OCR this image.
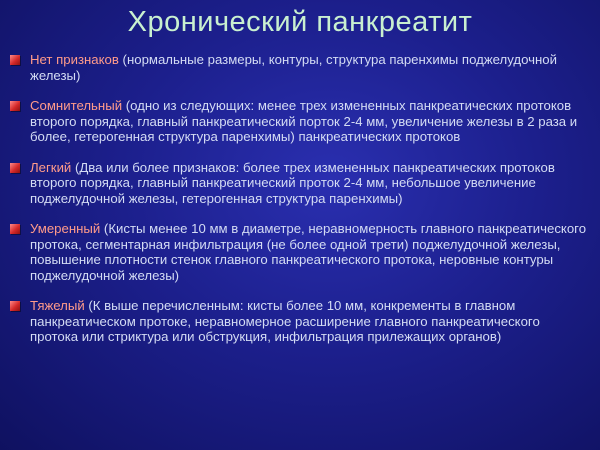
Хронический панкреатит
Нет признаков (нормальные размеры, контуры, структура паренхимы поджелудочной железы)
Сомнительный (одно из следующих: менее трех измененных панкреатических протоков второго порядка, главный панкреатический порток 2-4 мм, увеличение железы в 2 раза и более, гетерогенная структура паренхимы) панкреатических протоков
Легкий (Два или более признаков: более трех измененных панкреатических протоков второго порядка, главный панкреатический проток 2-4 мм, небольшое увеличение поджелудочной железы, гетерогенная структура паренхимы)
Умеренный (Кисты менее 10 мм в диаметре, неравномерность главного панкреатического протока, сегментарная инфильтрация (не более одной трети) поджелудочной железы, повышение плотности стенок главного панкреатического протока, неровные контуры поджелудочной железы)
Тяжелый (К выше перечисленным: кисты более 10 мм, конкременты в главном панкреатическом протоке, неравномерное расширение главного панкреатического протока или стриктура или обструкция, инфильтрация прилежащих органов)
